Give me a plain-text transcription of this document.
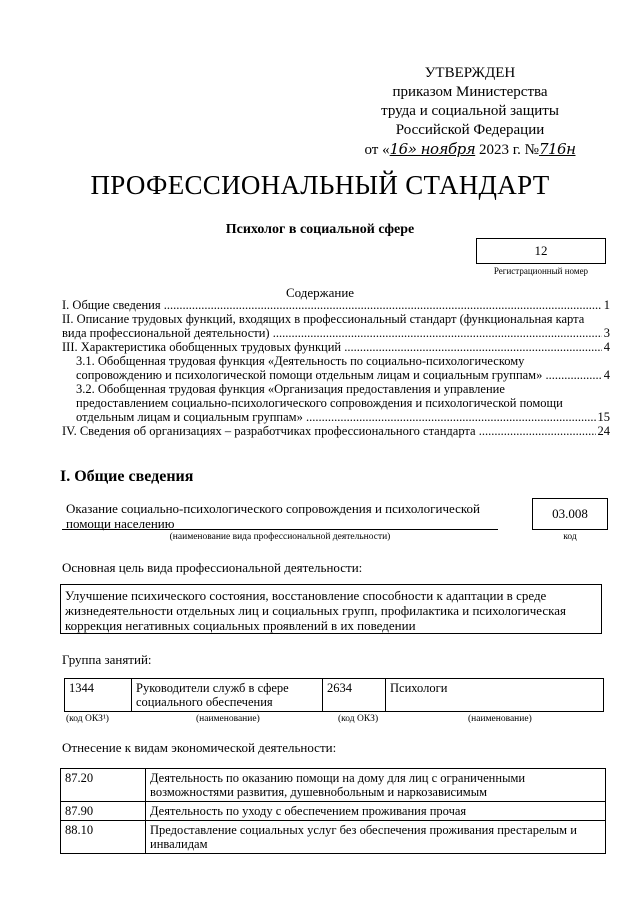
УТВЕРЖДЕН
приказом Министерства
труда и социальной защиты
Российской Федерации
от «16» ноября 2023 г. №716н
ПРОФЕССИОНАЛЬНЫЙ СТАНДАРТ
Психолог в социальной сфере
12
Регистрационный номер
Содержание
I. Общие сведения .....	1
II. Описание трудовых функций, входящих в профессиональный стандарт (функциональная карта
вида профессиональной деятельности) .....	3
III. Характеристика обобщенных трудовых функций .....	4
3.1. Обобщенная трудовая функция «Деятельность по социально-психологическому
сопровождению и психологической помощи отдельным лицам и социальным группам» .....	4
3.2. Обобщенная трудовая функция «Организация предоставления и управление
предоставлением социально-психологического сопровождения и психологической помощи
отдельным лицам и социальным группам» .....	15
IV. Сведения об организациях – разработчиках профессионального стандарта .....	24
I. Общие сведения
Оказание социально-психологического сопровождения и психологической
помощи населению
(наименование вида профессиональной деятельности)
03.008
код
Основная цель вида профессиональной деятельности:
Улучшение психического состояния, восстановление способности к адаптации в среде
жизнедеятельности отдельных лиц и социальных групп, профилактика и психологическая
коррекция негативных социальных проявлений в их поведении
Группа занятий:
1344	Руководители служб в сфере социального обеспечения	2634	Психологи
(код ОКЗ¹)	(наименование)	(код ОКЗ)	(наименование)
Отнесение к видам экономической деятельности:
87.20	Деятельность по оказанию помощи на дому для лиц с ограниченными возможностями развития, душевнобольным и наркозависимым
87.90	Деятельность по уходу с обеспечением проживания прочая
88.10	Предоставление социальных услуг без обеспечения проживания престарелым и инвалидам
